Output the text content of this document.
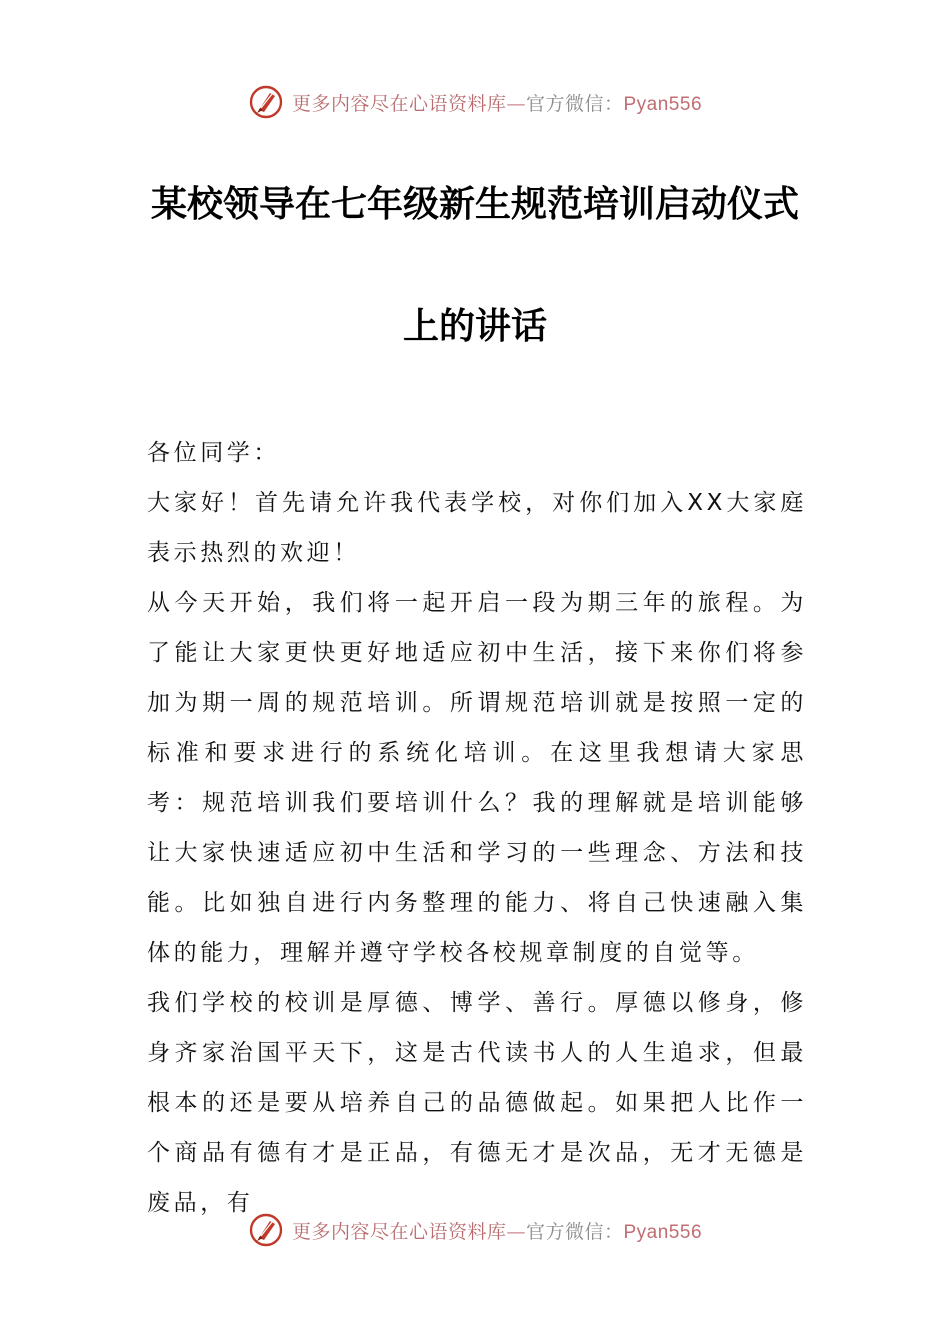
更多内容尽在心语资料库—官方微信：Pyan556
某校领导在七年级新生规范培训启动仪式
上的讲话

各位同学：

大家好！首先请允许我代表学校，对你们加入XX大家庭表示热烈的欢迎！

从今天开始，我们将一起开启一段为期三年的旅程。为了能让大家更快更好地适应初中生活，接下来你们将参加为期一周的规范培训。所谓规范培训就是按照一定的标准和要求进行的系统化培训。在这里我想请大家思考：规范培训我们要培训什么？我的理解就是培训能够让大家快速适应初中生活和学习的一些理念、方法和技能。比如独自进行内务整理的能力、将自己快速融入集体的能力，理解并遵守学校各校规章制度的自觉等。

我们学校的校训是厚德、博学、善行。厚德以修身，修身齐家治国平天下，这是古代读书人的人生追求，但最根本的还是要从培养自己的品德做起。如果把人比作一个商品有德有才是正品，有德无才是次品，无才无德是废品，有

更多内容尽在心语资料库—官方微信：Pyan556
